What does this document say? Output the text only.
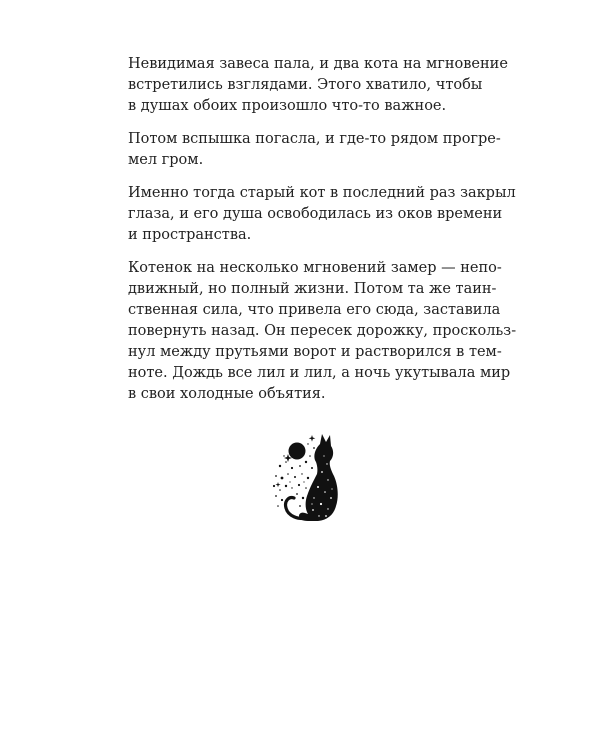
Невидимая завеса пала, и два кота на мгновение
встретились взглядами. Этого хватило, чтобы
в душах обоих произошло что-то важное.

Потом вспышка погасла, и где-то рядом прогре-
мел гром.

Именно тогда старый кот в последний раз закрыл
глаза, и его душа освободилась из оков времени
и пространства.

Котенок на несколько мгновений замер — непо-
движный, но полный жизни. Потом та же таин-
ственная сила, что привела его сюда, заставила
повернуть назад. Он пересек дорожку, проскольз-
нул между прутьями ворот и растворился в тем-
ноте. Дождь все лил и лил, а ночь укутывала мир
в свои холодные объятия.
